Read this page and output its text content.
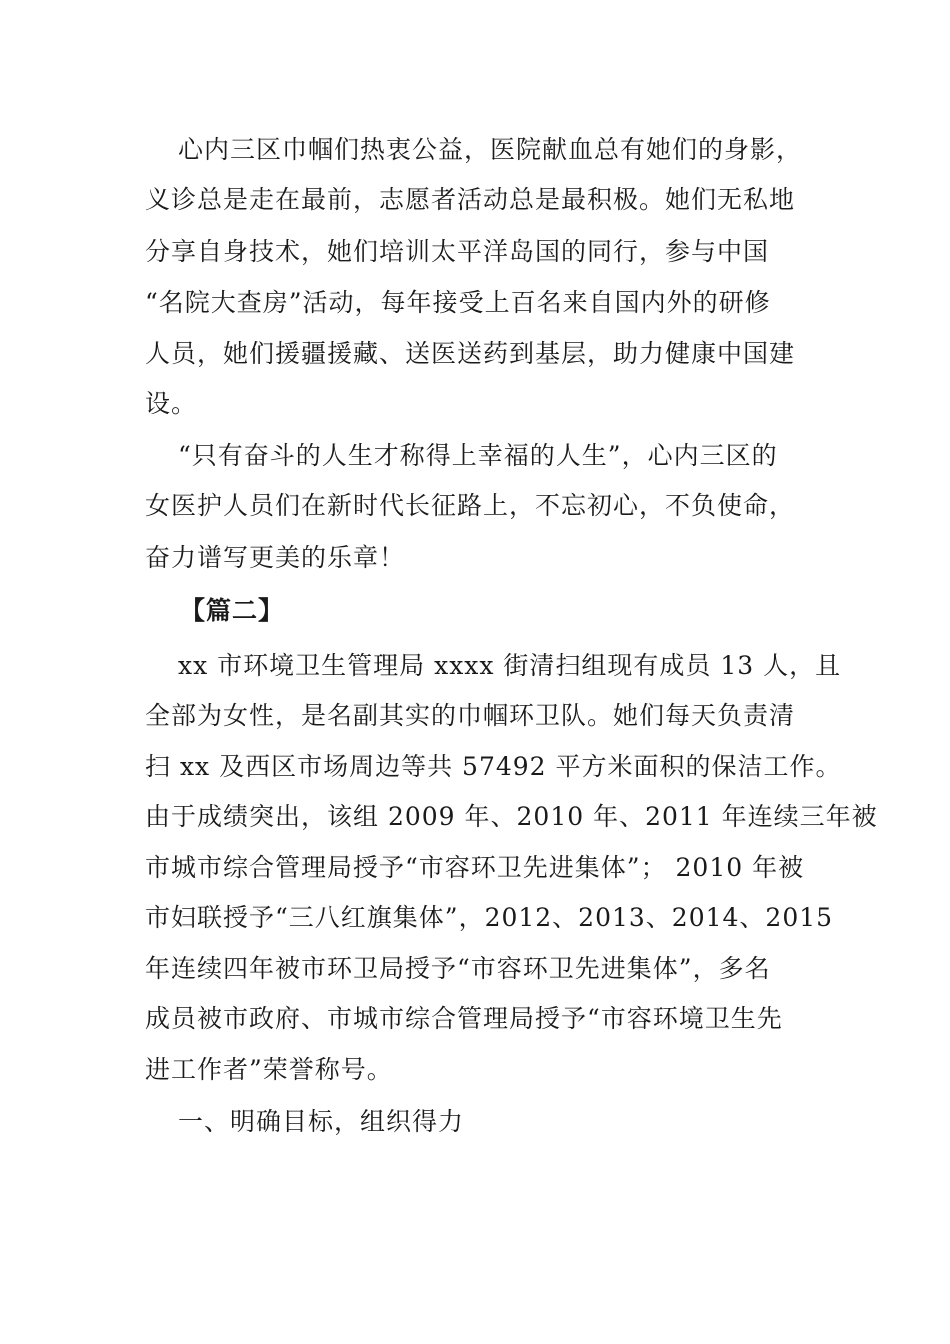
心内三区巾帼们热衷公益，医院献血总有她们的身影，
义诊总是走在最前，志愿者活动总是最积极。她们无私地
分享自身技术，她们培训太平洋岛国的同行，参与中国
“名院大查房”活动，每年接受上百名来自国内外的研修
人员，她们援疆援藏、送医送药到基层，助力健康中国建
设。
“只有奋斗的人生才称得上幸福的人生”，心内三区的
女医护人员们在新时代长征路上，不忘初心，不负使命，
奋力谱写更美的乐章！
【篇二】
xx 市环境卫生管理局 xxxx 街清扫组现有成员 13 人，且
全部为女性，是名副其实的巾帼环卫队。她们每天负责清
扫 xx 及西区市场周边等共 57492 平方米面积的保洁工作。
由于成绩突出，该组 2009 年、2010 年、2011 年连续三年被
市城市综合管理局授予“市容环卫先进集体”； 2010 年被
市妇联授予“三八红旗集体”，2012、2013、2014、2015
年连续四年被市环卫局授予“市容环卫先进集体”，多名
成员被市政府、市城市综合管理局授予“市容环境卫生先
进工作者”荣誉称号。
一、明确目标，组织得力
